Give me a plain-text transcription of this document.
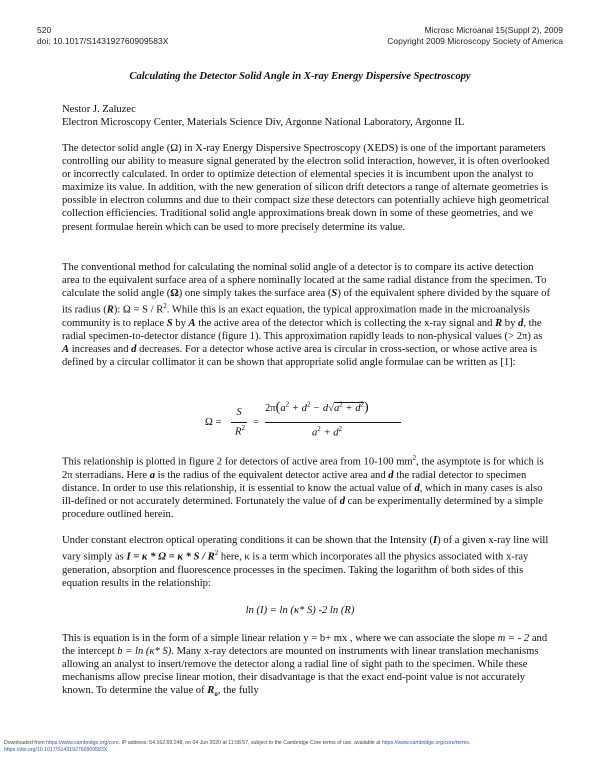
520
doi: 10.1017/S143192760909583X
Microsc Microanal 15(Suppl 2), 2009
Copyright 2009 Microscopy Society of America
Calculating the Detector Solid Angle in X-ray Energy Dispersive Spectroscopy
Nestor J. Zaluzec
Electron Microscopy Center, Materials Science Div, Argonne National Laboratory, Argonne IL

The detector solid angle (Ω) in X-ray Energy Dispersive Spectroscopy (XEDS) is one of the important parameters controlling our ability to measure signal generated by the electron solid interaction, however, it is often overlooked or incorrectly calculated. In order to optimize detection of elemental species it is incumbent upon the analyst to maximize its value. In addition, with the new generation of silicon drift detectors a range of alternate geometries is possible in electron columns and due to their compact size these detectors can potentially achieve high geometrical collection efficiencies. Traditional solid angle approximations break down in some of these geometries, and we present formulae herein which can be used to more precisely determine its value.

The conventional method for calculating the nominal solid angle of a detector is to compare its active detection area to the equivalent surface area of a sphere nominally located at the same radial distance from the specimen. To calculate the solid angle (Ω) one simply takes the surface area (S) of the equivalent sphere divided by the square of its radius (R): $\Omega = S / R^2$. While this is an exact equation, the typical approximation made in the microanalysis community is to replace S by A the active area of the detector which is collecting the x-ray signal and R by d, the radial specimen-to-detector distance (figure 1). This approximation rapidly leads to non-physical values (> 2π) as A increases and d decreases. For a detector whose active area is circular in cross-section, or whose active area is defined by a circular collimator it can be shown that appropriate solid angle formulae can be written as [1]:

Ω =
S
$R^2$ =
$2\pi(a^2 + d^2 - d√a^2 + d^2)$
$a^2 + d^2$

This relationship is plotted in figure 2 for detectors of active area from 10-100 $mm^2$, the asymptote is for which is 2π sterradians. Here a is the radius of the equivalent detector active area and d the radial detector to specimen distance. In order to use this relationship, it is essential to know the actual value of d, which in many cases is also ill-defined or not accurately determined. Fortunately the value of d can be experimentally determined by a simple procedure outlined herein.

Under constant electron optical operating conditions it can be shown that the Intensity (I) of a given x-ray line will vary simply as $I = \kappa * \Omega = \kappa * S / R^2$ here, κ is a term which incorporates all the physics associated with x-ray generation, absorption and fluorescence processes in the specimen. Taking the logarithm of both sides of this equation results in the relationship:

ln (I) = ln (κ* S) -2 ln (R)

This is equation is in the form of a simple linear relation y = b+ mx , where we can associate the slope m = - 2 and the intercept b = ln (κ* S). Many x-ray detectors are mounted on instruments with linear translation mechanisms allowing an analyst to insert/remove the detector along a radial line of sight path to the specimen. While these mechanisms allow precise linear motion, their disadvantage is that the exact end-point value is not accurately known. To determine the value of $R_o$, the fully

Downloaded from https://www.cambridge.org/core. IP address: 54.162.69.248, on 04 Jun 2020 at 11:08:57, subject to the Cambridge Core terms of use, available at https://www.cambridge.org/core/terms.
https://doi.org/10.1017/S143192760909583X
